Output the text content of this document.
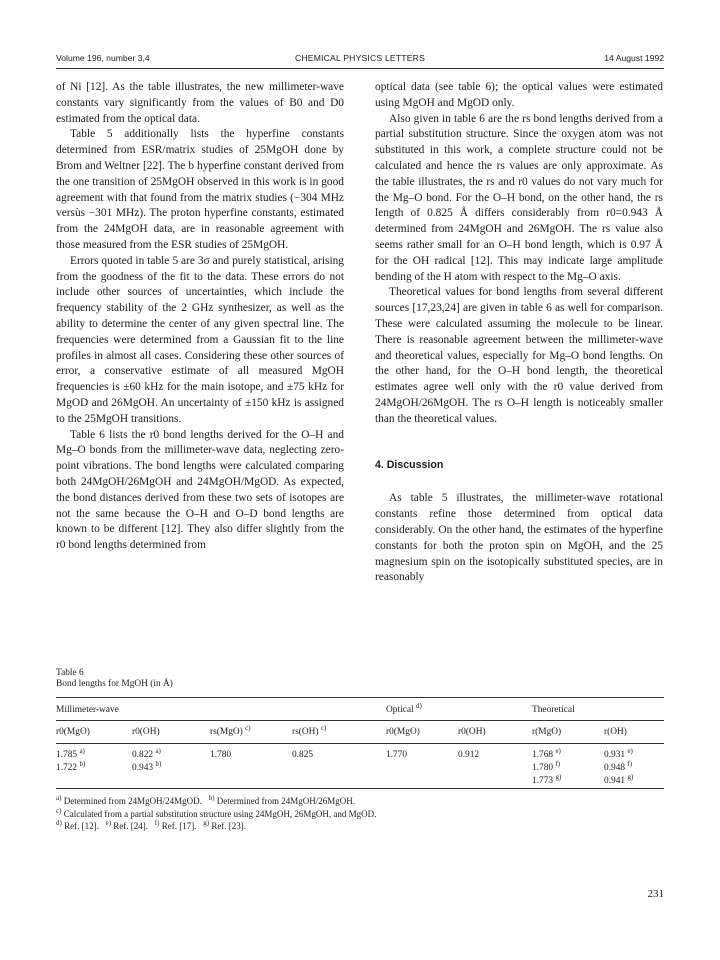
Volume 196, number 3,4	CHEMICAL PHYSICS LETTERS	14 August 1992

of Ni [12]. As the table illustrates, the new millimeter-wave constants vary significantly from the values of B0 and D0 estimated from the optical data.

Table 5 additionally lists the hyperfine constants determined from ESR/matrix studies of 25MgOH done by Brom and Weltner [22]. The b hyperfine constant derived from the one transition of 25MgOH observed in this work is in good agreement with that found from the matrix studies (−304 MHz versùs −301 MHz). The proton hyperfine constants, estimated from the 24MgOH data, are in reasonable agreement with those measured from the ESR studies of 25MgOH.

Errors quoted in table 5 are 3σ and purely statistical, arising from the goodness of the fit to the data. These errors do not include other sources of uncertainties, which include the frequency stability of the 2 GHz synthesizer, as well as the ability to determine the center of any given spectral line. The frequencies were determined from a Gaussian fit to the line profiles in almost all cases. Considering these other sources of error, a conservative estimate of all measured MgOH frequencies is ±60 kHz for the main isotope, and ±75 kHz for MgOD and 26MgOH. An uncertainty of ±150 kHz is assigned to the 25MgOH transitions.

Table 6 lists the r0 bond lengths derived for the O–H and Mg–O bonds from the millimeter-wave data, neglecting zero-point vibrations. The bond lengths were calculated comparing both 24MgOH/26MgOH and 24MgOH/MgOD. As expected, the bond distances derived from these two sets of isotopes are not the same because the O–H and O–D bond lengths are known to be different [12]. They also differ slightly from the r0 bond lengths determined from

optical data (see table 6); the optical values were estimated using MgOH and MgOD only.

Also given in table 6 are the rs bond lengths derived from a partial substitution structure. Since the oxygen atom was not substituted in this work, a complete structure could not be calculated and hence the rs values are only approximate. As the table illustrates, the rs and r0 values do not vary much for the Mg–O bond. For the O–H bond, on the other hand, the rs length of 0.825 Å differs considerably from r0=0.943 Å determined from 24MgOH and 26MgOH. The rs value also seems rather small for an O–H bond length, which is 0.97 Å for the OH radical [12]. This may indicate large amplitude bending of the H atom with respect to the Mg–O axis.

Theoretical values for bond lengths from several different sources [17,23,24] are given in table 6 as well for comparison. These were calculated assuming the molecule to be linear. There is reasonable agreement between the millimeter-wave and theoretical values, especially for Mg–O bond lengths. On the other hand, for the O–H bond length, the theoretical estimates agree well only with the r0 value derived from 24MgOH/26MgOH. The rs O–H length is noticeably smaller than the theoretical values.

4. Discussion

As table 5 illustrates, the millimeter-wave rotational constants refine those determined from optical data considerably. On the other hand, the estimates of the hyperfine constants for both the proton spin on MgOH, and the 25 magnesium spin on the isotopically substituted species, are in reasonably

Table 6
Bond lengths for MgOH (in Å)
Millimeter-wave				Optical $^{d)}$		Theoretical	
r0(MgO)	r0(OH)	rs(MgO) $^{c)}$	rs(OH) $^{c)}$	r0(MgO)	r0(OH)	r(MgO)	r(OH)
1.785 $^{a)}$	0.822 $^{a)}$	1.780	0.825	1.770	0.912	1.768 $^{e)}$	0.931 $^{e)}$
1.722 $^{b)}$	0.943 $^{b)}$					1.780 $^{f)}$	0.948 $^{f)}$
						1.773 $^{g)}$	0.941 $^{g)}$
$^{a)}$ Determined from 24MgOH/24MgOD. $^{b)}$ Determined from 24MgOH/26MgOH.
$^{c)}$ Calculated from a partial substitution structure using 24MgOH, 26MgOH, and MgOD.
$^{d)}$ Ref. [12]. $^{e)}$ Ref. [24]. $^{f)}$ Ref. [17]. $^{g)}$ Ref. [23].
231
